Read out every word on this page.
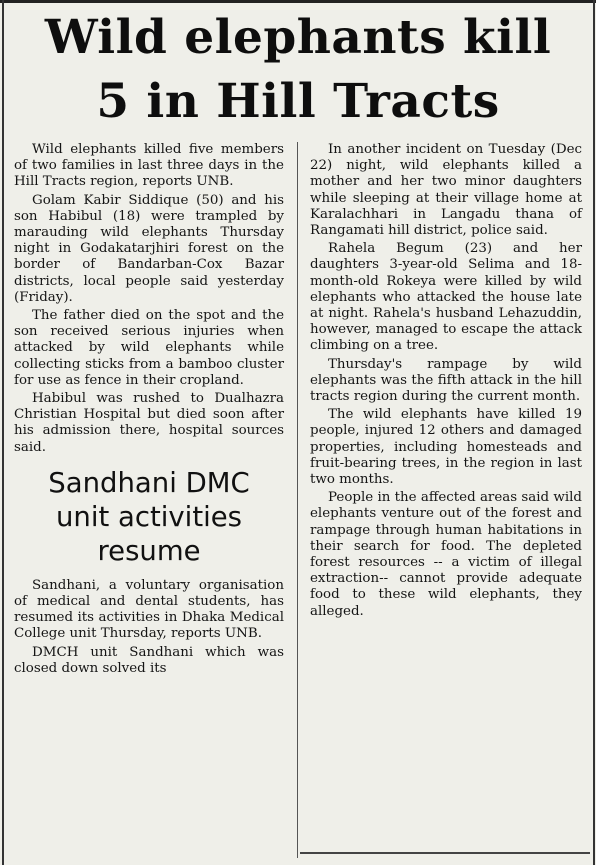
Wild elephants kill
5 in Hill Tracts

Wild elephants killed five members of two families in last three days in the Hill Tracts region, reports UNB.

Golam Kabir Siddique (50) and his son Habibul (18) were trampled by marauding wild elephants Thursday night in Godakatarjhiri forest on the border of Bandarban-Cox Bazar districts, local people said yesterday (Friday).

The father died on the spot and the son received serious injuries when attacked by wild elephants while collecting sticks from a bamboo cluster for use as fence in their cropland.

Habibul was rushed to Dualhazra Christian Hospital but died soon after his admission there, hospital sources said.

Sandhani DMC
unit activities
resume

Sandhani, a voluntary organisation of medical and dental students, has resumed its activities in Dhaka Medical College unit Thursday, reports UNB.

DMCH unit Sandhani which was closed down solved its

In another incident on Tuesday (Dec 22) night, wild elephants killed a mother and her two minor daughters while sleeping at their village home at Karalachhari in Langadu thana of Rangamati hill district, police said.

Rahela Begum (23) and her daughters 3-year-old Selima and 18-month-old Rokeya were killed by wild elephants who attacked the house late at night. Rahela's husband Lehazuddin, however, managed to escape the attack climbing on a tree.

Thursday's rampage by wild elephants was the fifth attack in the hill tracts region during the current month.

The wild elephants have killed 19 people, injured 12 others and damaged properties, including homesteads and fruit-bearing trees, in the region in last two months.

People in the affected areas said wild elephants venture out of the forest and rampage through human habitations in their search for food. The depleted forest resources -- a victim of illegal extraction-- cannot provide adequate food to these wild elephants, they alleged.
